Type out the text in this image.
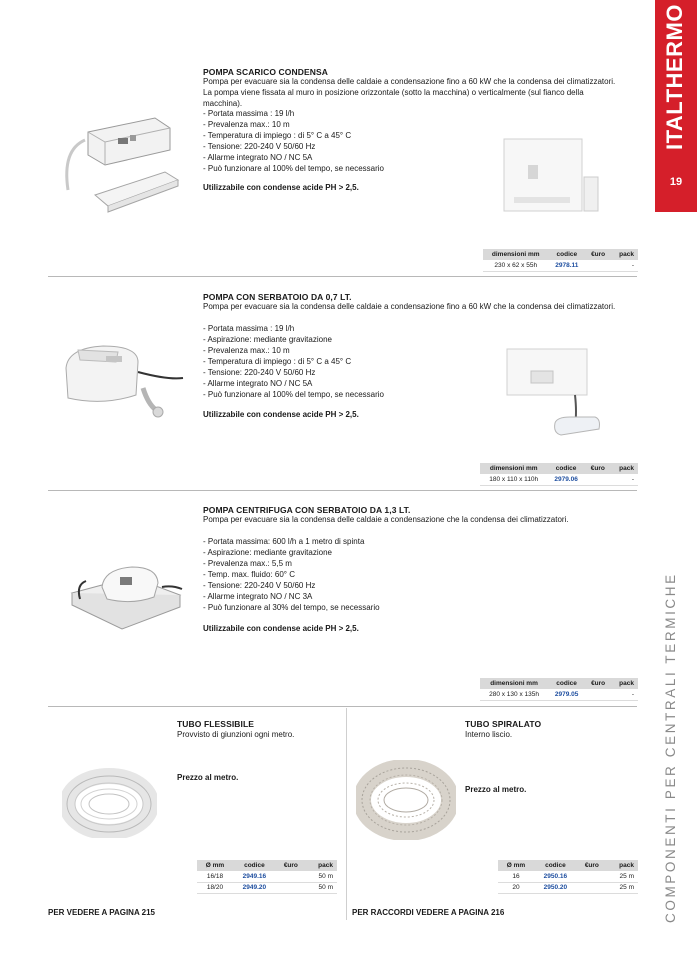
ITALTHERMO
19
COMPONENTI PER CENTRALI TERMICHE
POMPA SCARICO CONDENSA
Pompa per evacuare sia la condensa delle caldaie a condensazione fino a 60 kW che la condensa dei climatizzatori.
La pompa viene fissata al muro in posizione orizzontale (sotto la macchina) o verticalmente (sul fianco della macchina).
- Portata massima : 19 l/h
- Prevalenza max.: 10 m
- Temperatura di impiego : di 5° C a 45° C
- Tensione: 220-240 V 50/60 Hz
- Allarme integrato NO / NC 5A
- Può funzionare al 100% del tempo, se necessario
Utilizzabile con condense acide PH > 2,5.
dimensioni mm	codice	€uro	pack
230 x 62 x 55h	2978.11		-
POMPA CON SERBATOIO DA 0,7 LT.
Pompa per evacuare sia la condensa delle caldaie a condensazione fino a 60 kW che la condensa dei climatizzatori.
- Portata massima : 19 l/h
- Aspirazione: mediante gravitazione
- Prevalenza max.: 10 m
- Temperatura di impiego : di 5° C a 45° C
- Tensione: 220-240 V 50/60 Hz
- Allarme integrato NO / NC 5A
- Può funzionare al 100% del tempo, se necessario
Utilizzabile con condense acide PH > 2,5.
dimensioni mm	codice	€uro	pack
180 x 110 x 110h	2979.06		-
POMPA CENTRIFUGA CON SERBATOIO DA 1,3 LT.
Pompa per evacuare sia la condensa delle caldaie a condensazione che la condensa dei climatizzatori.
- Portata massima: 600 l/h a 1 metro di spinta
- Aspirazione: mediante gravitazione
- Prevalenza max.: 5,5 m
- Temp. max. fluido: 60° C
- Tensione: 220-240 V 50/60 Hz
- Allarme integrato NO / NC 3A
- Può funzionare al 30% del tempo, se necessario
Utilizzabile con condense acide PH > 2,5.
dimensioni mm	codice	€uro	pack
280 x 130 x 135h	2979.05		-
TUBO FLESSIBILE
Provvisto di giunzioni ogni metro.
Prezzo al metro.
Ø mm	codice	€uro	pack
16/18	2949.16		50 m
18/20	2949.20		50 m
PER VEDERE A PAGINA 215
TUBO SPIRALATO
Interno liscio.
Prezzo al metro.
Ø mm	codice	€uro	pack
16	2950.16		25 m
20	2950.20		25 m
PER RACCORDI VEDERE A PAGINA 216
